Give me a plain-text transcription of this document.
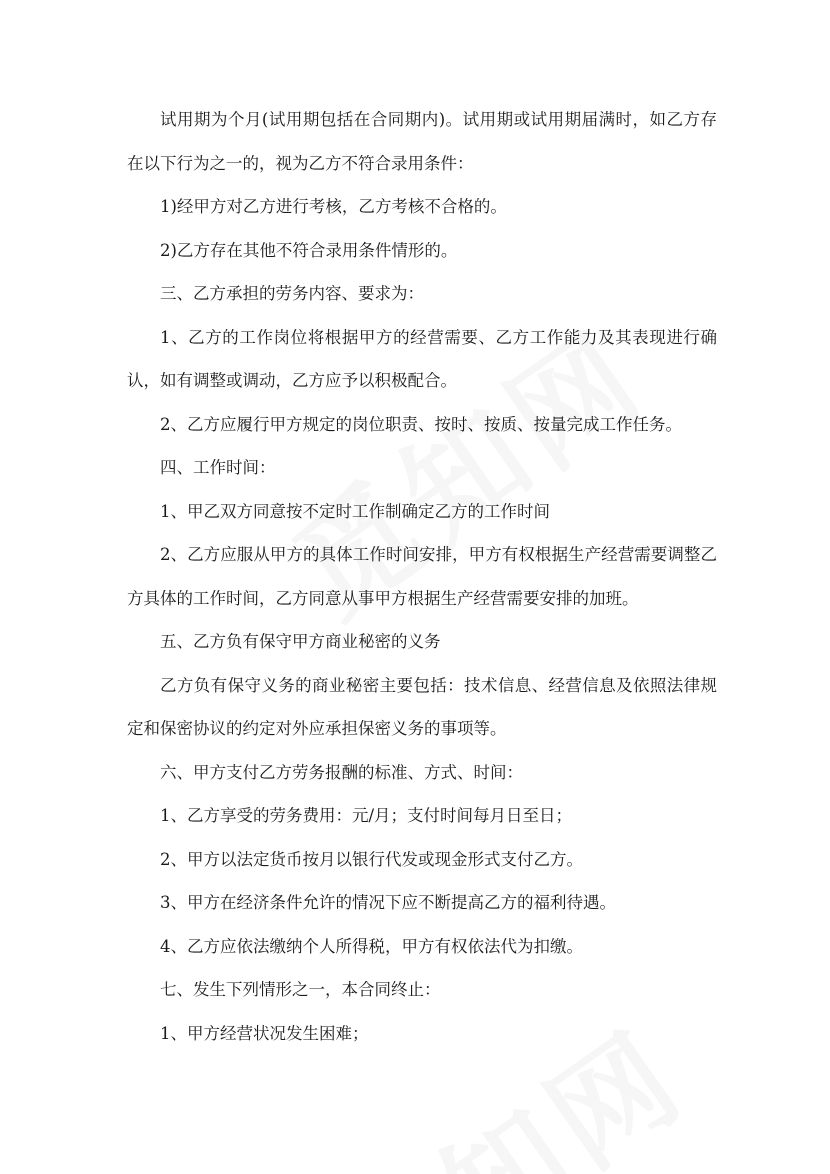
试用期为个月(试用期包括在合同期内)。试用期或试用期届满时，如乙方存在以下行为之一的，视为乙方不符合录用条件：

1)经甲方对乙方进行考核，乙方考核不合格的。

2)乙方存在其他不符合录用条件情形的。

三、乙方承担的劳务内容、要求为：

1、乙方的工作岗位将根据甲方的经营需要、乙方工作能力及其表现进行确认，如有调整或调动，乙方应予以积极配合。

2、乙方应履行甲方规定的岗位职责、按时、按质、按量完成工作任务。

四、工作时间：

1、甲乙双方同意按不定时工作制确定乙方的工作时间

2、乙方应服从甲方的具体工作时间安排，甲方有权根据生产经营需要调整乙方具体的工作时间，乙方同意从事甲方根据生产经营需要安排的加班。

五、乙方负有保守甲方商业秘密的义务

乙方负有保守义务的商业秘密主要包括：技术信息、经营信息及依照法律规定和保密协议的约定对外应承担保密义务的事项等。

六、甲方支付乙方劳务报酬的标准、方式、时间：

1、乙方享受的劳务费用：元/月；支付时间每月日至日；

2、甲方以法定货币按月以银行代发或现金形式支付乙方。

3、甲方在经济条件允许的情况下应不断提高乙方的福利待遇。

4、乙方应依法缴纳个人所得税，甲方有权依法代为扣缴。

七、发生下列情形之一，本合同终止：

1、甲方经营状况发生困难；
